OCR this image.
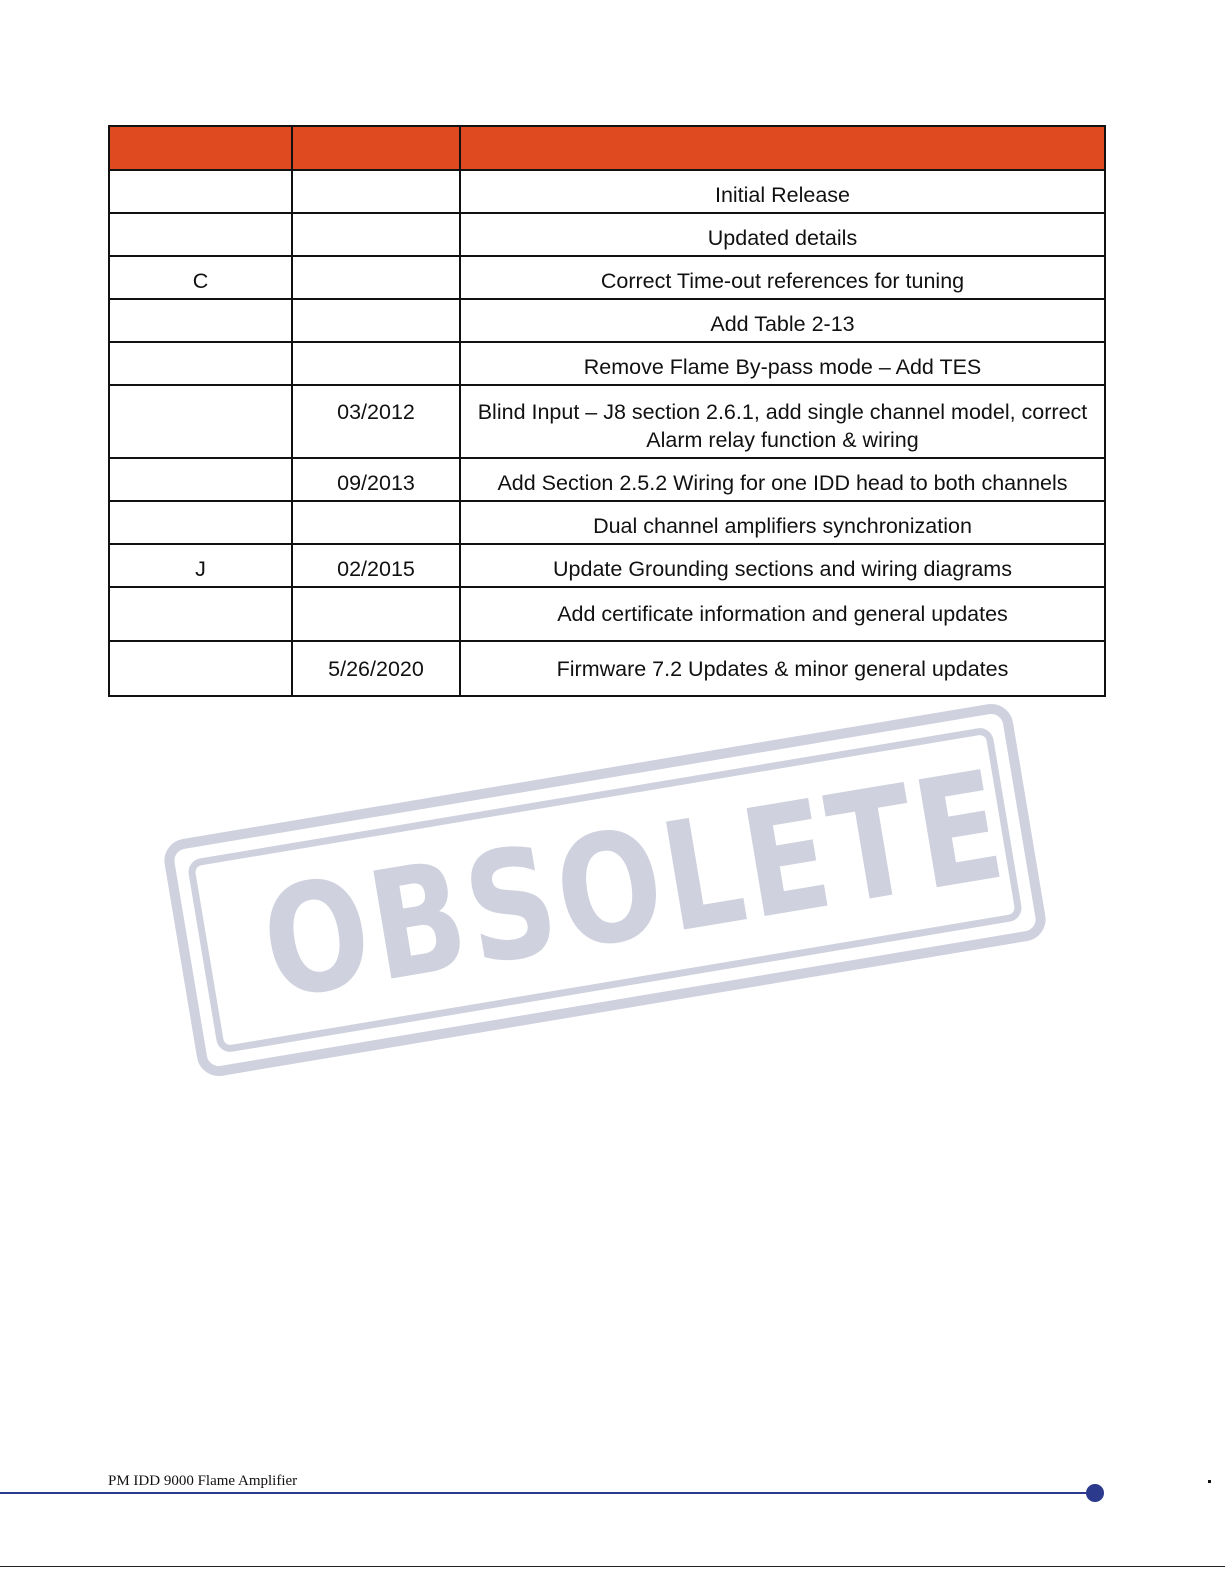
		Initial Release
		Updated details
C		Correct Time-out references for tuning
		Add Table 2-13
		Remove Flame By-pass mode – Add TES
	03/2012	Blind Input – J8 section 2.6.1, add single channel model, correct Alarm relay function & wiring
	09/2013	Add Section 2.5.2 Wiring for one IDD head to both channels
		Dual channel amplifiers synchronization
J	02/2015	Update Grounding sections and wiring diagrams
		Add certificate information and general updates
	5/26/2020	Firmware 7.2 Updates & minor general updates
OBSOLETE
PM IDD 9000 Flame Amplifier
